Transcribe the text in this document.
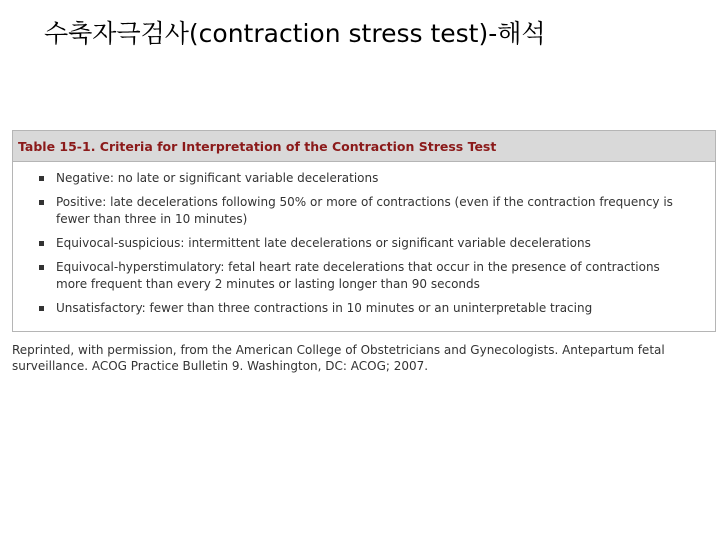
수축자극검사(contraction stress test)-해석
Table 15-1. Criteria for Interpretation of the Contraction Stress Test
Negative: no late or significant variable decelerations
Positive: late decelerations following 50% or more of contractions (even if the contraction frequency is fewer than three in 10 minutes)
Equivocal-suspicious: intermittent late decelerations or significant variable decelerations
Equivocal-hyperstimulatory: fetal heart rate decelerations that occur in the presence of contractions more frequent than every 2 minutes or lasting longer than 90 seconds
Unsatisfactory: fewer than three contractions in 10 minutes or an uninterpretable tracing
Reprinted, with permission, from the American College of Obstetricians and Gynecologists. Antepartum fetal surveillance. ACOG Practice Bulletin 9. Washington, DC: ACOG; 2007.
